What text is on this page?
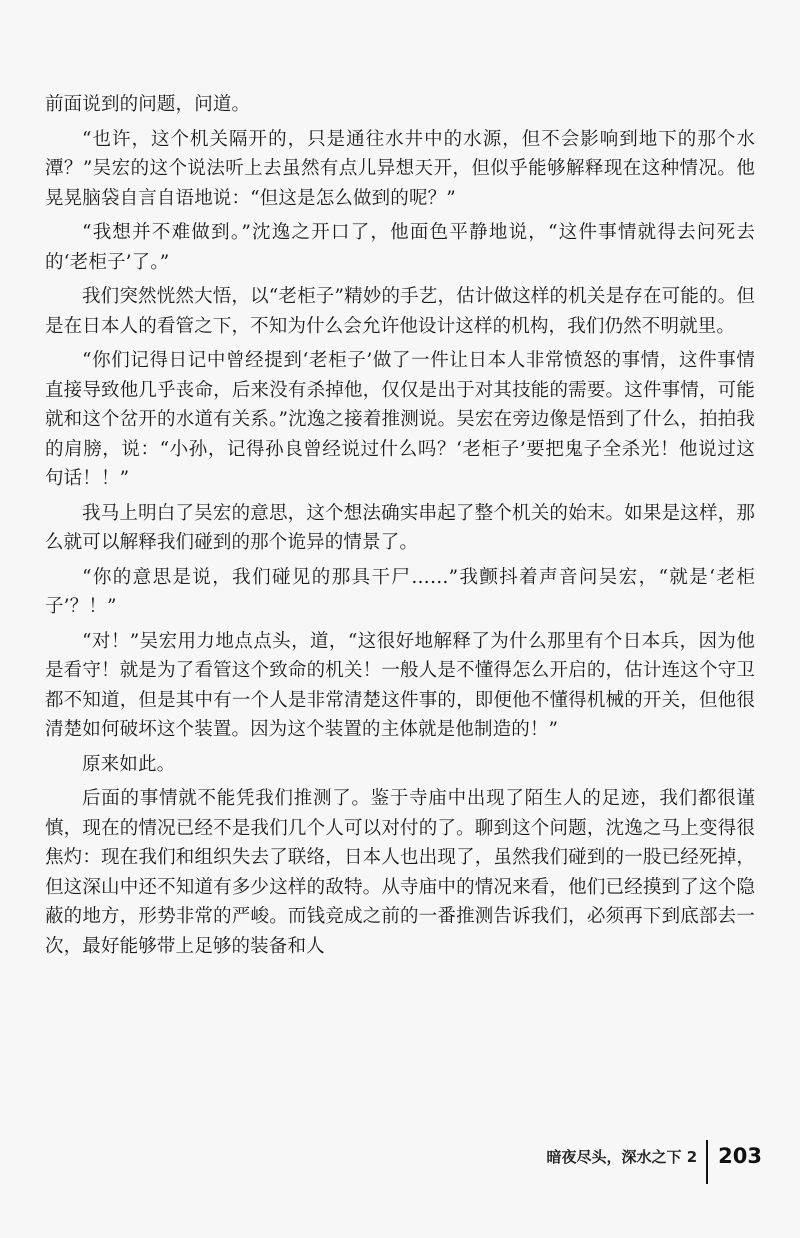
前面说到的问题，问道。

“也许，这个机关隔开的，只是通往水井中的水源，但不会影响到地下的那个水潭？”吴宏的这个说法听上去虽然有点儿异想天开，但似乎能够解释现在这种情况。他晃晃脑袋自言自语地说：“但这是怎么做到的呢？”

“我想并不难做到。”沈逸之开口了，他面色平静地说，“这件事情就得去问死去的‘老柜子’了。”

我们突然恍然大悟，以“老柜子”精妙的手艺，估计做这样的机关是存在可能的。但是在日本人的看管之下，不知为什么会允许他设计这样的机构，我们仍然不明就里。

“你们记得日记中曾经提到‘老柜子’做了一件让日本人非常愤怒的事情，这件事情直接导致他几乎丧命，后来没有杀掉他，仅仅是出于对其技能的需要。这件事情，可能就和这个岔开的水道有关系。”沈逸之接着推测说。吴宏在旁边像是悟到了什么，拍拍我的肩膀，说：“小孙，记得孙良曾经说过什么吗？‘老柜子’要把鬼子全杀光！他说过这句话！！”

我马上明白了吴宏的意思，这个想法确实串起了整个机关的始末。如果是这样，那么就可以解释我们碰到的那个诡异的情景了。

“你的意思是说，我们碰见的那具干尸……”我颤抖着声音问吴宏，“就是‘老柜子’？！”

“对！”吴宏用力地点点头，道，“这很好地解释了为什么那里有个日本兵，因为他是看守！就是为了看管这个致命的机关！一般人是不懂得怎么开启的，估计连这个守卫都不知道，但是其中有一个人是非常清楚这件事的，即便他不懂得机械的开关，但他很清楚如何破坏这个装置。因为这个装置的主体就是他制造的！”

原来如此。

后面的事情就不能凭我们推测了。鉴于寺庙中出现了陌生人的足迹，我们都很谨慎，现在的情况已经不是我们几个人可以对付的了。聊到这个问题，沈逸之马上变得很焦灼：现在我们和组织失去了联络，日本人也出现了，虽然我们碰到的一股已经死掉，但这深山中还不知道有多少这样的敌特。从寺庙中的情况来看，他们已经摸到了这个隐蔽的地方，形势非常的严峻。而钱竞成之前的一番推测告诉我们，必须再下到底部去一次，最好能够带上足够的装备和人

暗夜尽头，深水之下 2 203
